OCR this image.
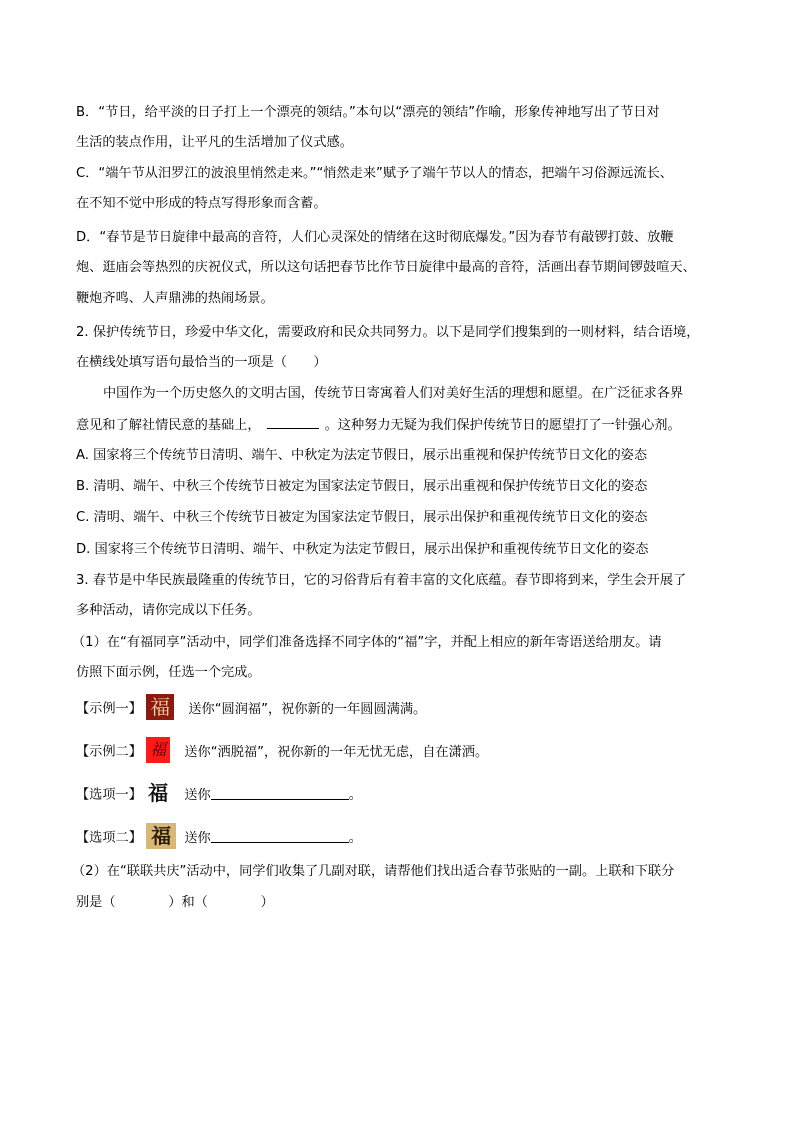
B．“节日，给平淡的日子打上一个漂亮的领结。”本句以“漂亮的领结”作喻，形象传神地写出了节日对
生活的装点作用，让平凡的生活增加了仪式感。
C．“端午节从汨罗江的波浪里悄然走来。”“悄然走来”赋予了端午节以人的情态，把端午习俗源远流长、
在不知不觉中形成的特点写得形象而含蓄。
D．“春节是节日旋律中最高的音符，人们心灵深处的情绪在这时彻底爆发。”因为春节有敲锣打鼓、放鞭
炮、逛庙会等热烈的庆祝仪式，所以这句话把春节比作节日旋律中最高的音符，活画出春节期间锣鼓喧天、
鞭炮齐鸣、人声鼎沸的热闹场景。
2. 保护传统节日，珍爱中华文化，需要政府和民众共同努力。以下是同学们搜集到的一则材料，结合语境，
在横线处填写语句最恰当的一项是（　　）
中国作为一个历史悠久的文明古国，传统节日寄寓着人们对美好生活的理想和愿望。在广泛征求各界
意见和了解社情民意的基础上，	。这种努力无疑为我们保护传统节日的愿望打了一针强心剂。
A. 国家将三个传统节日清明、端午、中秋定为法定节假日，展示出重视和保护传统节日文化的姿态
B. 清明、端午、中秋三个传统节日被定为国家法定节假日，展示出重视和保护传统节日文化的姿态
C. 清明、端午、中秋三个传统节日被定为国家法定节假日，展示出保护和重视传统节日文化的姿态
D. 国家将三个传统节日清明、端午、中秋定为法定节假日，展示出保护和重视传统节日文化的姿态
3. 春节是中华民族最隆重的传统节日，它的习俗背后有着丰富的文化底蕴。春节即将到来，学生会开展了
多种活动，请你完成以下任务。
（1）在“有福同享”活动中，同学们准备选择不同字体的“福”字，并配上相应的新年寄语送给朋友。请
仿照下面示例，任选一个完成。
【示例一】 福 送你“圆润福”，祝你新的一年圆圆满满。
【示例二】 福 送你“洒脱福”，祝你新的一年无忧无虑，自在潇洒。
【选项一】 福 送你	。
【选项二】 福 送你	。
（2）在“联联共庆”活动中，同学们收集了几副对联，请帮他们找出适合春节张贴的一副。上联和下联分
别是（　　　　）和（　　　　）
